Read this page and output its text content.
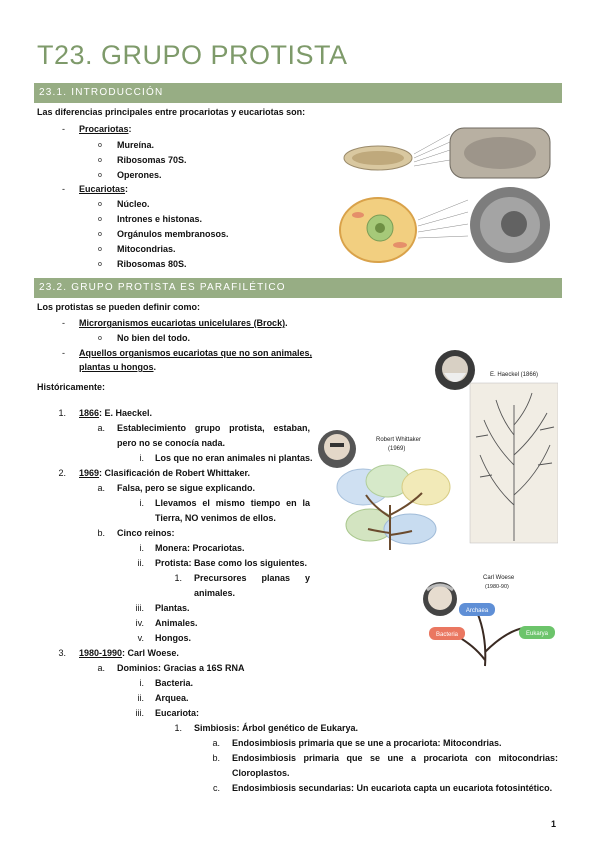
T23. GRUPO PROTISTA
23.1. INTRODUCCIÓN
Las diferencias principales entre procariotas y eucariotas son:
- Procariotas:
o Mureína.
o Ribosomas 70S.
o Operones.
- Eucariotas:
o Núcleo.
o Intrones e histonas.
o Orgánulos membranosos.
o Mitocondrias.
o Ribosomas 80S.
23.2. GRUPO PROTISTA ES PARAFILÉTICO
Los protistas se pueden definir como:
- Microrganismos eucariotas unicelulares (Brock).
o No bien del todo.
- Aquellos organismos eucariotas que no son animales,
plantas u hongos.
Históricamente:
1. 1866: E. Haeckel.
a. Establecimiento grupo protista, estaban,
pero no se conocía nada.
i. Los que no eran animales ni plantas.
2. 1969: Clasificación de Robert Whittaker.
a. Falsa, pero se sigue explicando.
i. Llevamos el mismo tiempo en la
Tierra, NO venimos de ellos.
b. Cinco reinos:
i. Monera: Procariotas.
ii. Protista: Base como los siguientes.
1. Precursores planas y
animales.
iii. Plantas.
iv. Animales.
v. Hongos.
3. 1980-1990: Carl Woese.
a. Dominios: Gracias a 16S RNA
i. Bacteria.
ii. Arquea.
iii. Eucariota:
1. Simbiosis: Árbol genético de Eukarya.
a. Endosimbiosis primaria que se une a procariota: Mitocondrias.
b. Endosimbiosis primaria que se une a procariota con mitocondrias:
Cloroplastos.
c. Endosimbiosis secundarias: Un eucariota capta un eucariota fotosintético.
E. Haeckel (1866)
Robert Whittaker
(1969)
Carl Woese
(1980-90)
Archaea
Bacteria	Eukarya
1
